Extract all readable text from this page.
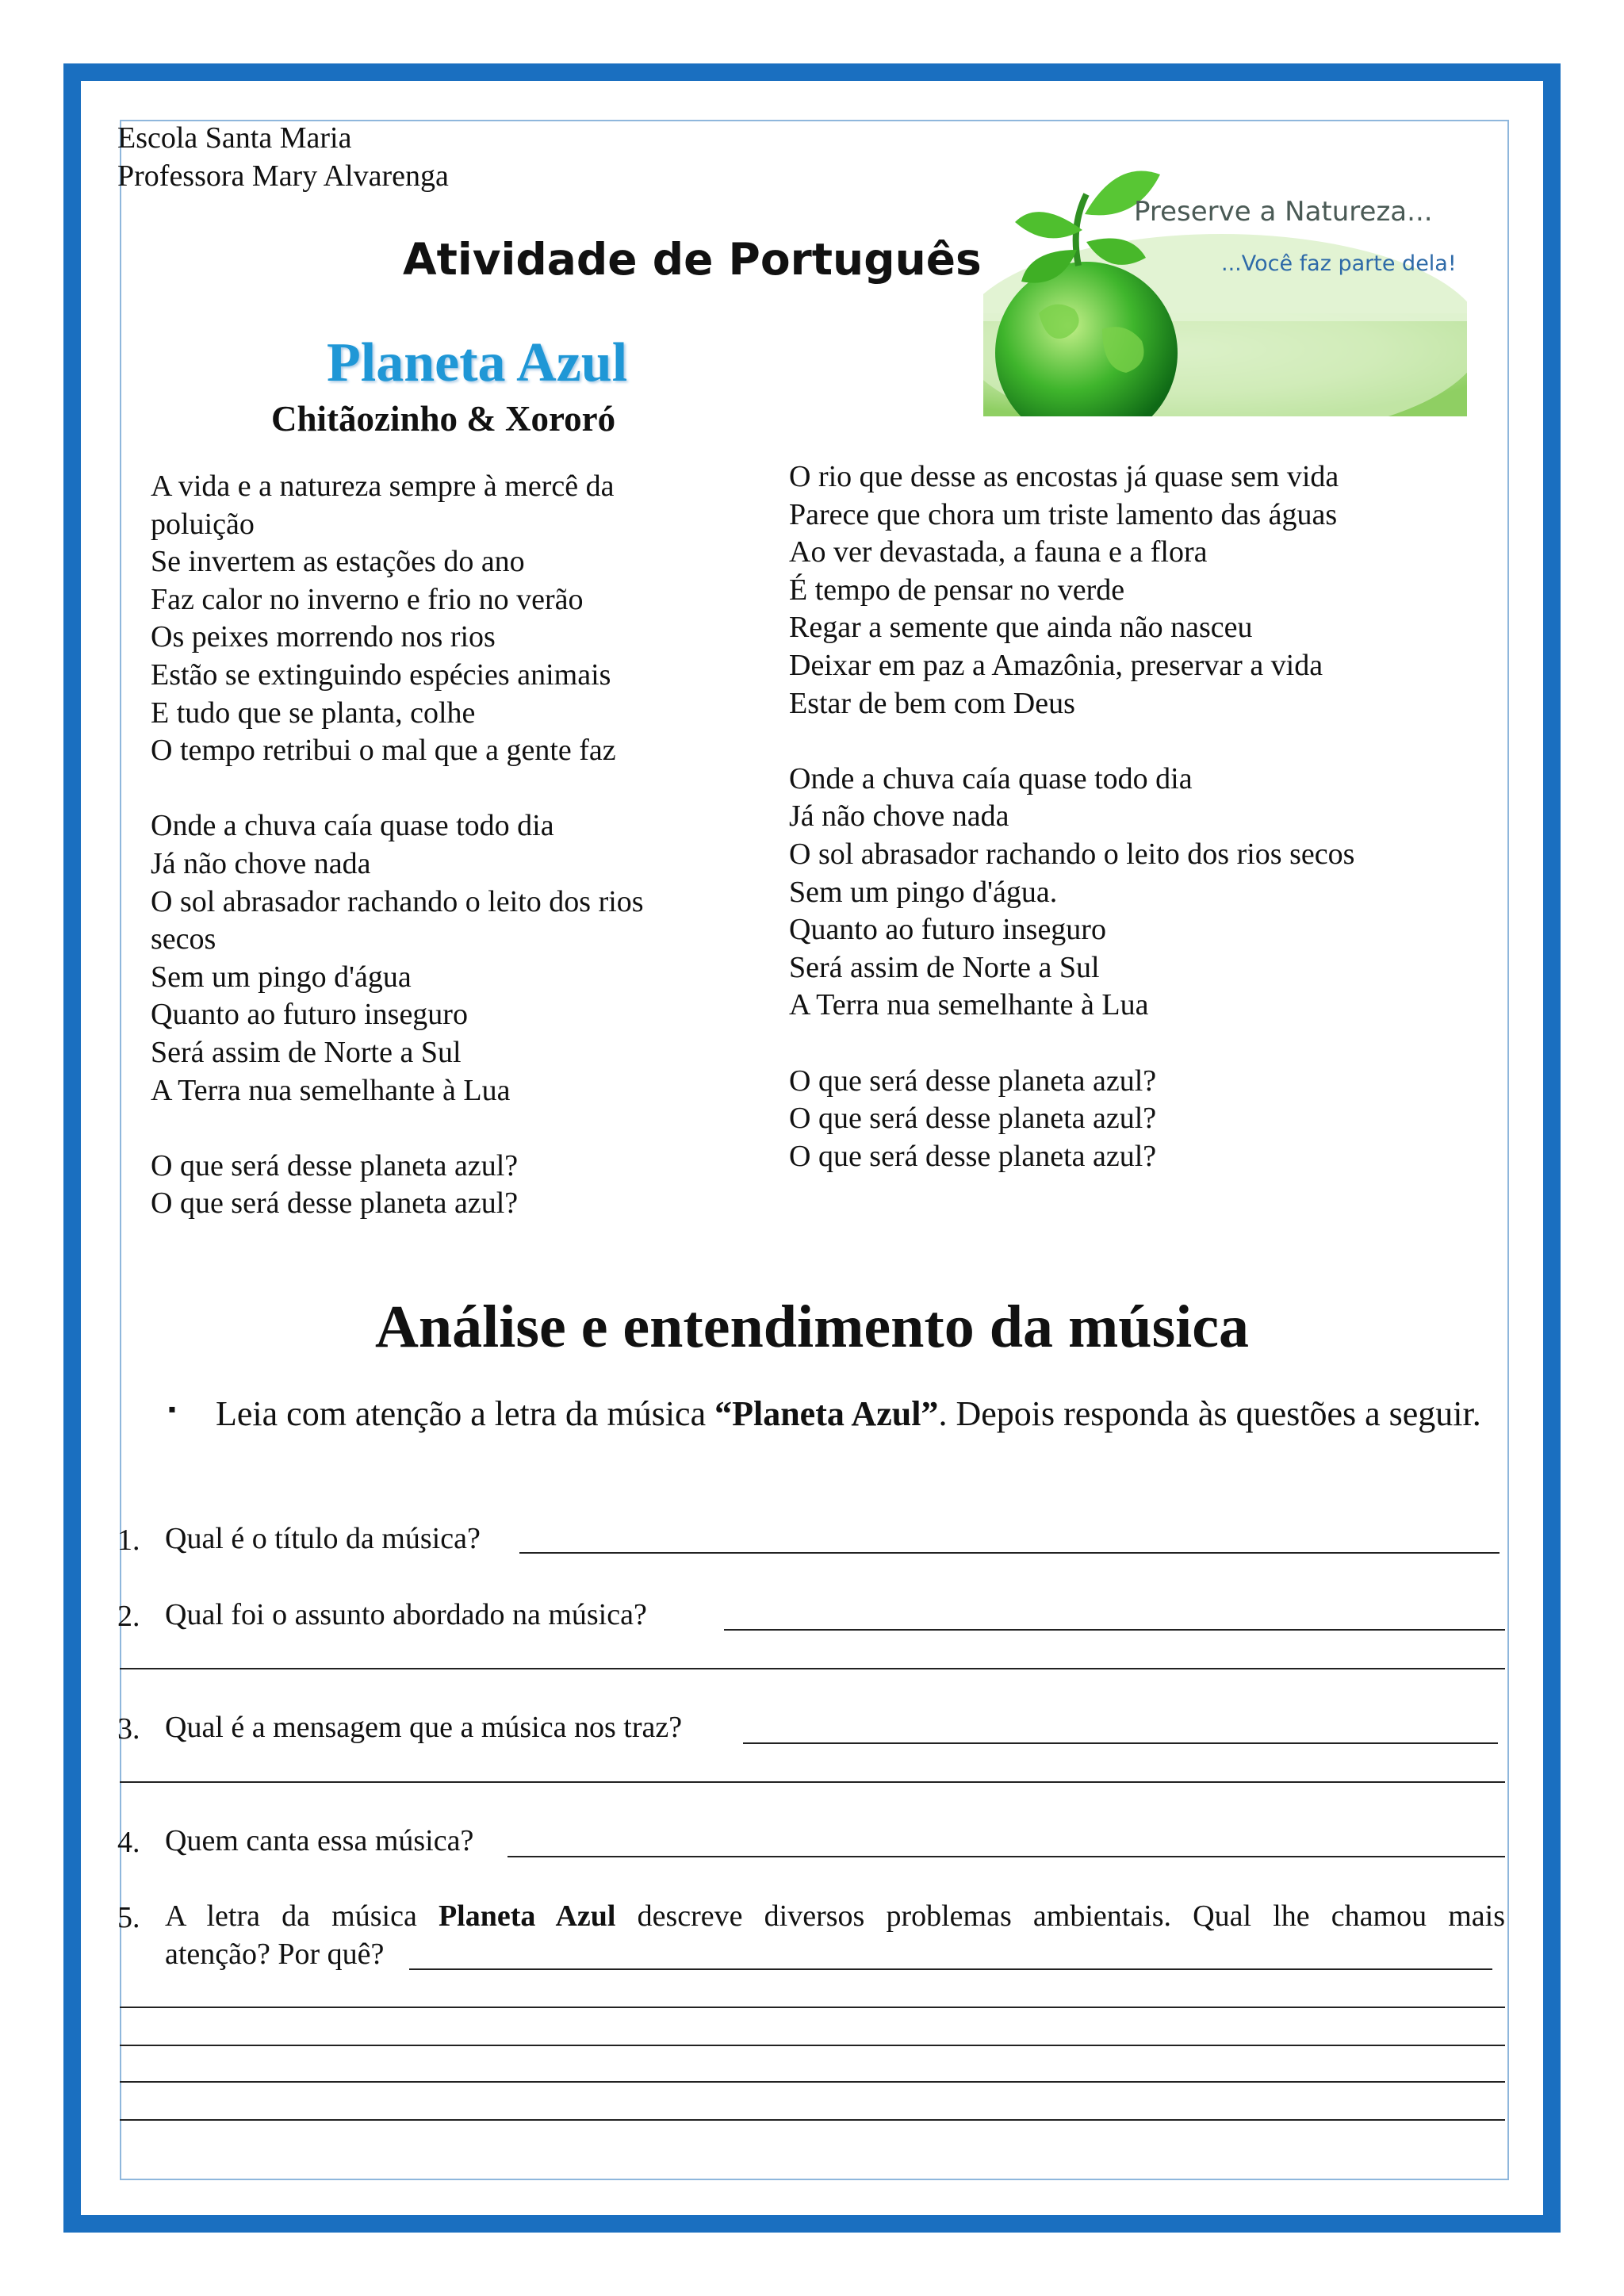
Escola Santa Maria
Professora Mary Alvarenga
Atividade de Português
Preserve a Natureza...
...Você faz parte dela!
Planeta Azul
Chitãozinho & Xororó
A vida e a natureza sempre à mercê da
poluição
Se invertem as estações do ano
Faz calor no inverno e frio no verão
Os peixes morrendo nos rios
Estão se extinguindo espécies animais
E tudo que se planta, colhe
O tempo retribui o mal que a gente faz
Onde a chuva caía quase todo dia
Já não chove nada
O sol abrasador rachando o leito dos rios
secos
Sem um pingo d'água
Quanto ao futuro inseguro
Será assim de Norte a Sul
A Terra nua semelhante à Lua
O que será desse planeta azul?
O que será desse planeta azul?
O rio que desse as encostas já quase sem vida
Parece que chora um triste lamento das águas
Ao ver devastada, a fauna e a flora
É tempo de pensar no verde
Regar a semente que ainda não nasceu
Deixar em paz a Amazônia, preservar a vida
Estar de bem com Deus
Onde a chuva caía quase todo dia
Já não chove nada
O sol abrasador rachando o leito dos rios secos
Sem um pingo d'água.
Quanto ao futuro inseguro
Será assim de Norte a Sul
A Terra nua semelhante à Lua
O que será desse planeta azul?
O que será desse planeta azul?
O que será desse planeta azul?
Análise e entendimento da música
▪ Leia com atenção a letra da música “Planeta Azul”. Depois responda às questões a seguir.
1. Qual é o título da música?
2. Qual foi o assunto abordado na música?
3. Qual é a mensagem que a música nos traz?
4. Quem canta essa música?
5. A letra da música Planeta Azul descreve diversos problemas ambientais. Qual lhe chamou mais
atenção? Por quê?
